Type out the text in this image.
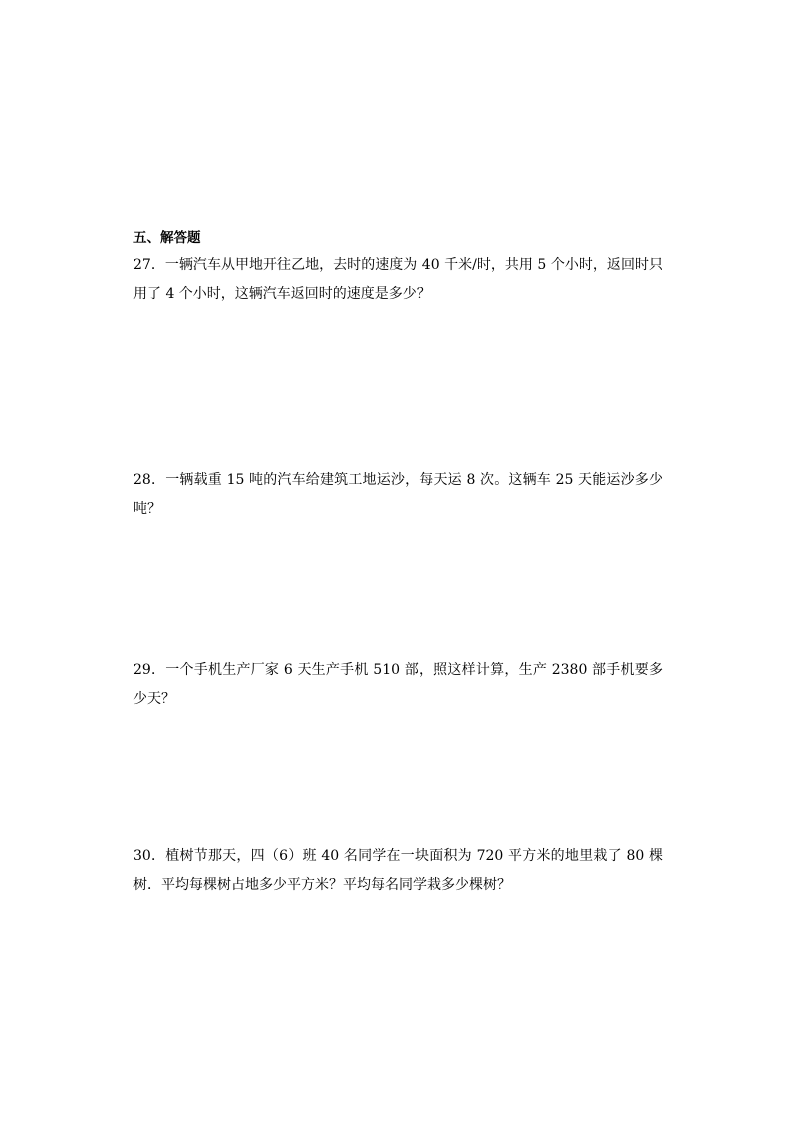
五、解答题
27．一辆汽车从甲地开往乙地，去时的速度为 40 千米/时，共用 5 个小时，返回时只用了 4 个小时，这辆汽车返回时的速度是多少？
28．一辆载重 15 吨的汽车给建筑工地运沙，每天运 8 次。这辆车 25 天能运沙多少吨？
29．一个手机生产厂家 6 天生产手机 510 部，照这样计算，生产 2380 部手机要多少天？
30．植树节那天，四（6）班 40 名同学在一块面积为 720 平方米的地里栽了 80 棵树．平均每棵树占地多少平方米？平均每名同学栽多少棵树？
